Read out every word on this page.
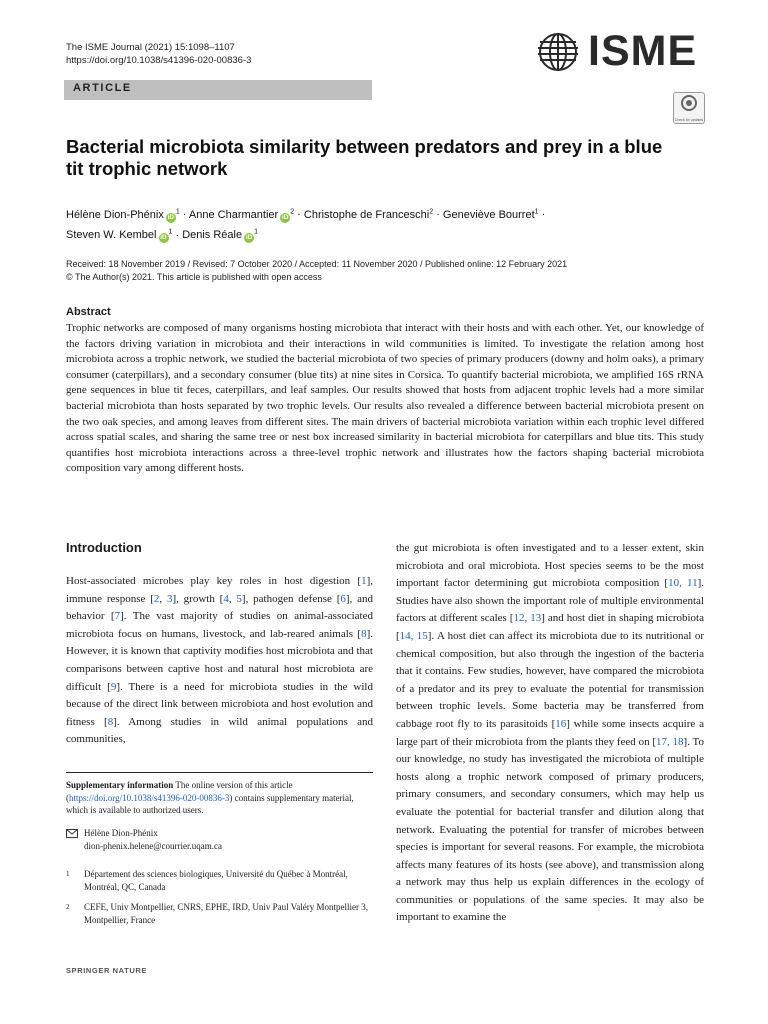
The ISME Journal (2021) 15:1098–1107
https://doi.org/10.1038/s41396-020-00836-3
ARTICLE
ISME
Check for updates
Bacterial microbiota similarity between predators and prey in a blue tit trophic network
Hélène Dion-Phénix $iD^1$ · Anne Charmantier $iD^2$ · Christophe de Franceschi$^2$ · Geneviève Bourret$^1$ ·
Steven W. Kembel $iD^1$ · Denis Réale $iD^1$
Received: 18 November 2019 / Revised: 7 October 2020 / Accepted: 11 November 2020 / Published online: 12 February 2021
© The Author(s) 2021. This article is published with open access
Abstract
Trophic networks are composed of many organisms hosting microbiota that interact with their hosts and with each other. Yet, our knowledge of the factors driving variation in microbiota and their interactions in wild communities is limited. To investigate the relation among host microbiota across a trophic network, we studied the bacterial microbiota of two species of primary producers (downy and holm oaks), a primary consumer (caterpillars), and a secondary consumer (blue tits) at nine sites in Corsica. To quantify bacterial microbiota, we amplified 16S rRNA gene sequences in blue tit feces, caterpillars, and leaf samples. Our results showed that hosts from adjacent trophic levels had a more similar bacterial microbiota than hosts separated by two trophic levels. Our results also revealed a difference between bacterial microbiota present on the two oak species, and among leaves from different sites. The main drivers of bacterial microbiota variation within each trophic level differed across spatial scales, and sharing the same tree or nest box increased similarity in bacterial microbiota for caterpillars and blue tits. This study quantifies host microbiota interactions across a three-level trophic network and illustrates how the factors shaping bacterial microbiota composition vary among different hosts.
Introduction
Host-associated microbes play key roles in host digestion [1], immune response [2, 3], growth [4, 5], pathogen defense [6], and behavior [7]. The vast majority of studies on animal-associated microbiota focus on humans, livestock, and lab-reared animals [8]. However, it is known that captivity modifies host microbiota and that comparisons between captive host and natural host microbiota are difficult [9]. There is a need for microbiota studies in the wild because of the direct link between microbiota and host evolution and fitness [8]. Among studies in wild animal populations and communities,
the gut microbiota is often investigated and to a lesser extent, skin microbiota and oral microbiota. Host species seems to be the most important factor determining gut microbiota composition [10, 11]. Studies have also shown the important role of multiple environmental factors at different scales [12, 13] and host diet in shaping microbiota [14, 15]. A host diet can affect its microbiota due to its nutritional or chemical composition, but also through the ingestion of the bacteria that it contains. Few studies, however, have compared the microbiota of a predator and its prey to evaluate the potential for transmission between trophic levels. Some bacteria may be transferred from cabbage root fly to its parasitoids [16] while some insects acquire a large part of their microbiota from the plants they feed on [17, 18]. To our knowledge, no study has investigated the microbiota of multiple hosts along a trophic network composed of primary producers, primary consumers, and secondary consumers, which may help us evaluate the potential for bacterial transfer and dilution along that network. Evaluating the potential for transfer of microbes between species is important for several reasons. For example, the microbiota affects many features of its hosts (see above), and transmission along a network may thus help us explain differences in the ecology of communities or populations of the same species. It may also be important to examine the
Supplementary information The online version of this article (https://doi.org/10.1038/s41396-020-00836-3) contains supplementary material, which is available to authorized users.
Hélène Dion-Phénix
dion-phenix.helene@courrier.uqam.ca
1	Département des sciences biologiques, Université du Québec à Montréal, Montréal, QC, Canada
2	CEFE, Univ Montpellier, CNRS, EPHE, IRD, Univ Paul Valéry Montpellier 3, Montpellier, France
SPRINGER NATURE
